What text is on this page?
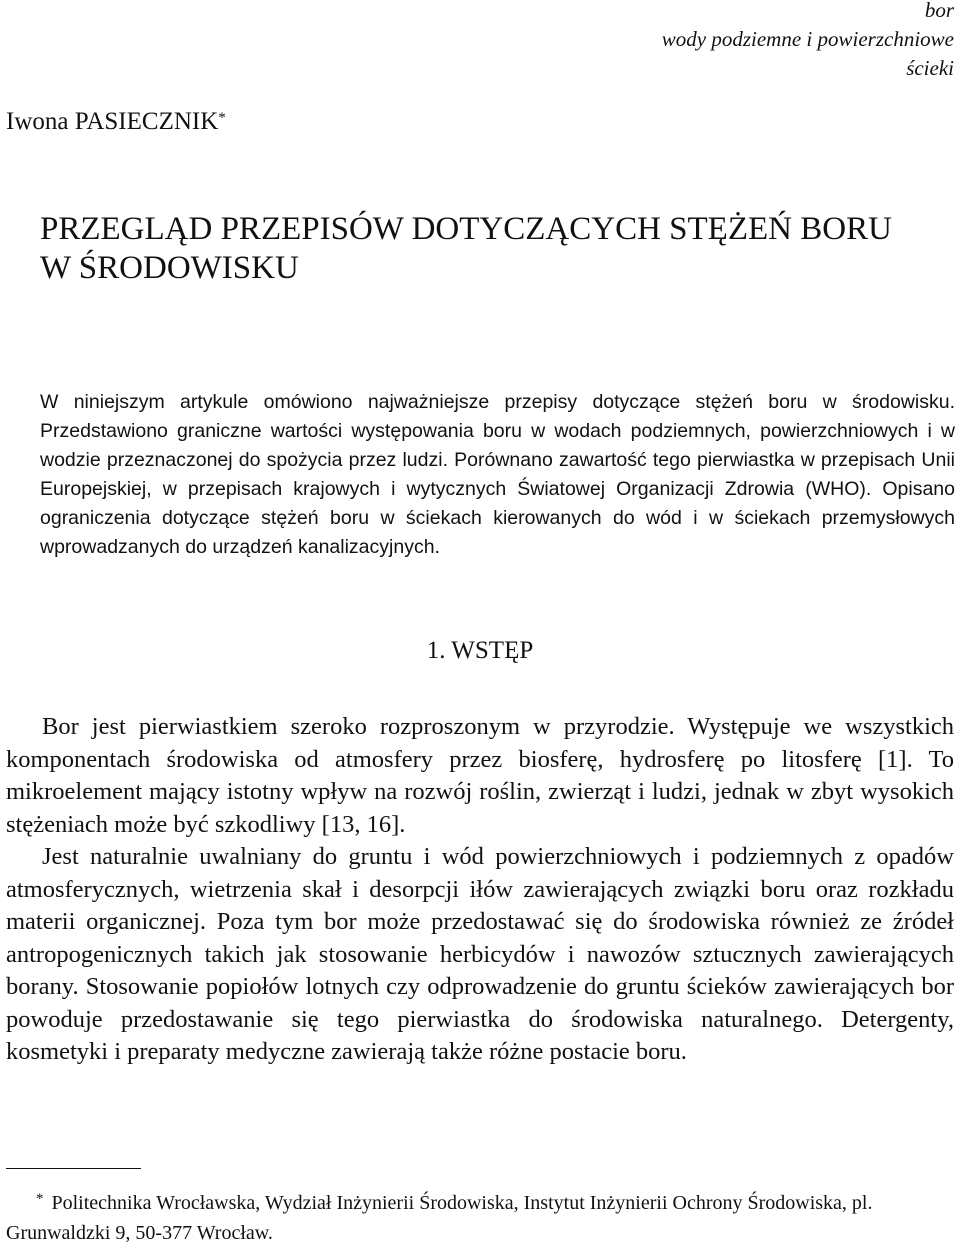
bor
wody podziemne i powierzchniowe
ścieki
Iwona PASIECZNIK*
PRZEGLĄD PRZEPISÓW DOTYCZĄCYCH STĘŻEŃ BORU
W ŚRODOWISKU
W niniejszym artykule omówiono najważniejsze przepisy dotyczące stężeń boru w środowisku. Przedstawiono graniczne wartości występowania boru w wodach podziemnych, powierzchniowych i w wodzie przeznaczonej do spożycia przez ludzi. Porównano zawartość tego pierwiastka w przepisach Unii Europejskiej, w przepisach krajowych i wytycznych Światowej Organizacji Zdrowia (WHO). Opisano ograniczenia dotyczące stężeń boru w ściekach kierowanych do wód i w ściekach przemysłowych wprowadzanych do urządzeń kanalizacyjnych.
1. WSTĘP

Bor jest pierwiastkiem szeroko rozproszonym w przyrodzie. Występuje we wszystkich komponentach środowiska od atmosfery przez biosferę, hydrosferę po litosferę [1]. To mikroelement mający istotny wpływ na rozwój roślin, zwierząt i ludzi, jednak w zbyt wysokich stężeniach może być szkodliwy [13, 16].

Jest naturalnie uwalniany do gruntu i wód powierzchniowych i podziemnych z opadów atmosferycznych, wietrzenia skał i desorpcji iłów zawierających związki boru oraz rozkładu materii organicznej. Poza tym bor może przedostawać się do środowiska również ze źródeł antropogenicznych takich jak stosowanie herbicydów i nawozów sztucznych zawierających borany. Stosowanie popiołów lotnych czy odprowadzenie do gruntu ścieków zawierających bor powoduje przedostawanie się tego pierwiastka do środowiska naturalnego. Detergenty, kosmetyki i preparaty medyczne zawierają także różne postacie boru.

* Politechnika Wrocławska, Wydział Inżynierii Środowiska, Instytut Inżynierii Ochrony Środowiska, pl. Grunwaldzki 9, 50-377 Wrocław.
